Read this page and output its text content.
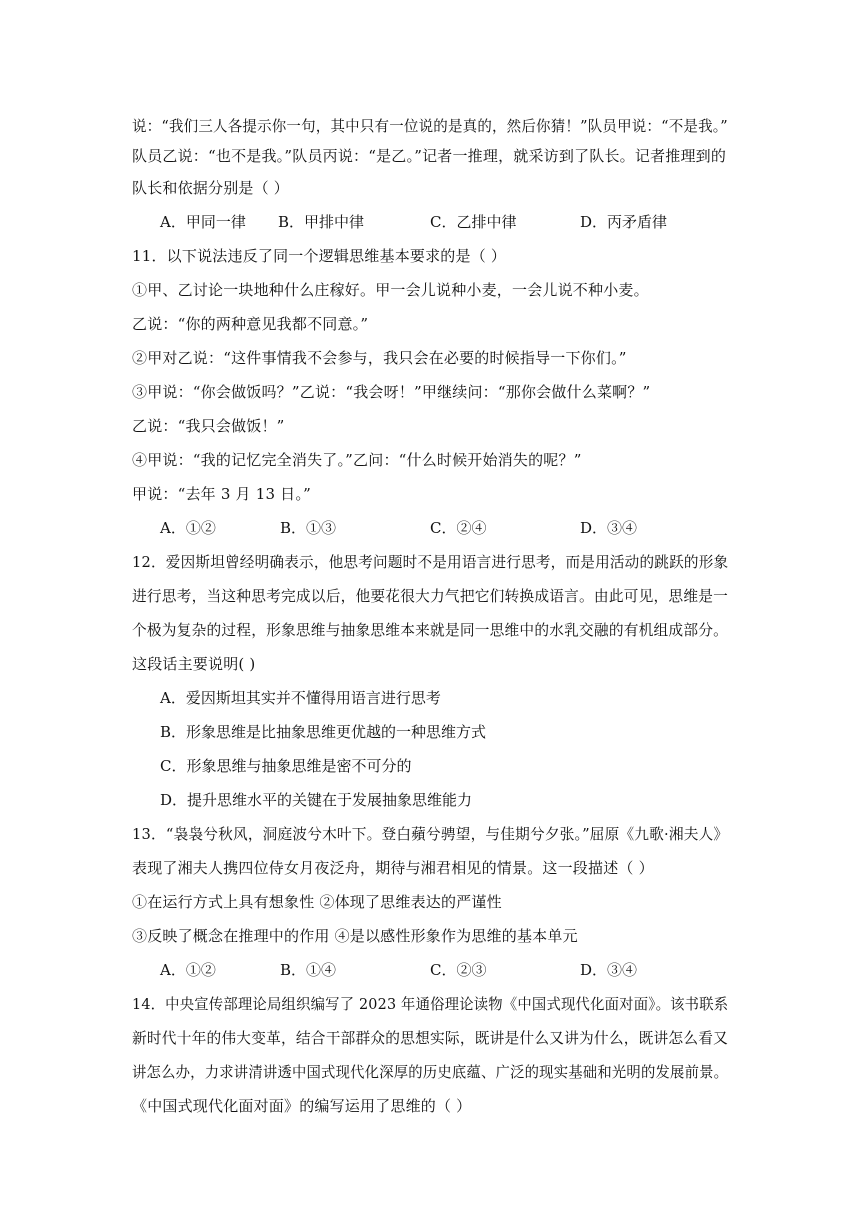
说：“我们三人各提示你一句，其中只有一位说的是真的，然后你猜！”队员甲说：“不是我。”
队员乙说：“也不是我。”队员丙说：“是乙。”记者一推理，就采访到了队长。记者推理到的
队长和依据分别是（ ）
A．甲同一律 B．甲排中律	C．乙排中律	D．丙矛盾律
11．以下说法违反了同一个逻辑思维基本要求的是（ ）
①甲、乙讨论一块地种什么庄稼好。甲一会儿说种小麦，一会儿说不种小麦。
乙说：“你的两种意见我都不同意。”
②甲对乙说：“这件事情我不会参与，我只会在必要的时候指导一下你们。”
③甲说：“你会做饭吗？”乙说：“我会呀！”甲继续问：“那你会做什么菜啊？”
乙说：“我只会做饭！”
④甲说：“我的记忆完全消失了。”乙问：“什么时候开始消失的呢？”
甲说：“去年 3 月 13 日。”
A．①②	B．①③	C．②④	D．③④
12．爱因斯坦曾经明确表示，他思考问题时不是用语言进行思考，而是用活动的跳跃的形象
进行思考，当这种思考完成以后，他要花很大力气把它们转换成语言。由此可见，思维是一
个极为复杂的过程，形象思维与抽象思维本来就是同一思维中的水乳交融的有机组成部分。
这段话主要说明( )
A．爱因斯坦其实并不懂得用语言进行思考
B．形象思维是比抽象思维更优越的一种思维方式
C．形象思维与抽象思维是密不可分的
D．提升思维水平的关键在于发展抽象思维能力
13．“袅袅兮秋风，洞庭波兮木叶下。登白蘋兮骋望，与佳期兮夕张。”屈原《九歌·湘夫人》
表现了湘夫人携四位侍女月夜泛舟，期待与湘君相见的情景。这一段描述（ ）
①在运行方式上具有想象性 ②体现了思维表达的严谨性
③反映了概念在推理中的作用 ④是以感性形象作为思维的基本单元
A．①②	B．①④	C．②③	D．③④
14．中央宣传部理论局组织编写了 2023 年通俗理论读物《中国式现代化面对面》。该书联系
新时代十年的伟大变革，结合干部群众的思想实际，既讲是什么又讲为什么，既讲怎么看又
讲怎么办，力求讲清讲透中国式现代化深厚的历史底蕴、广泛的现实基础和光明的发展前景。
《中国式现代化面对面》的编写运用了思维的（ ）
